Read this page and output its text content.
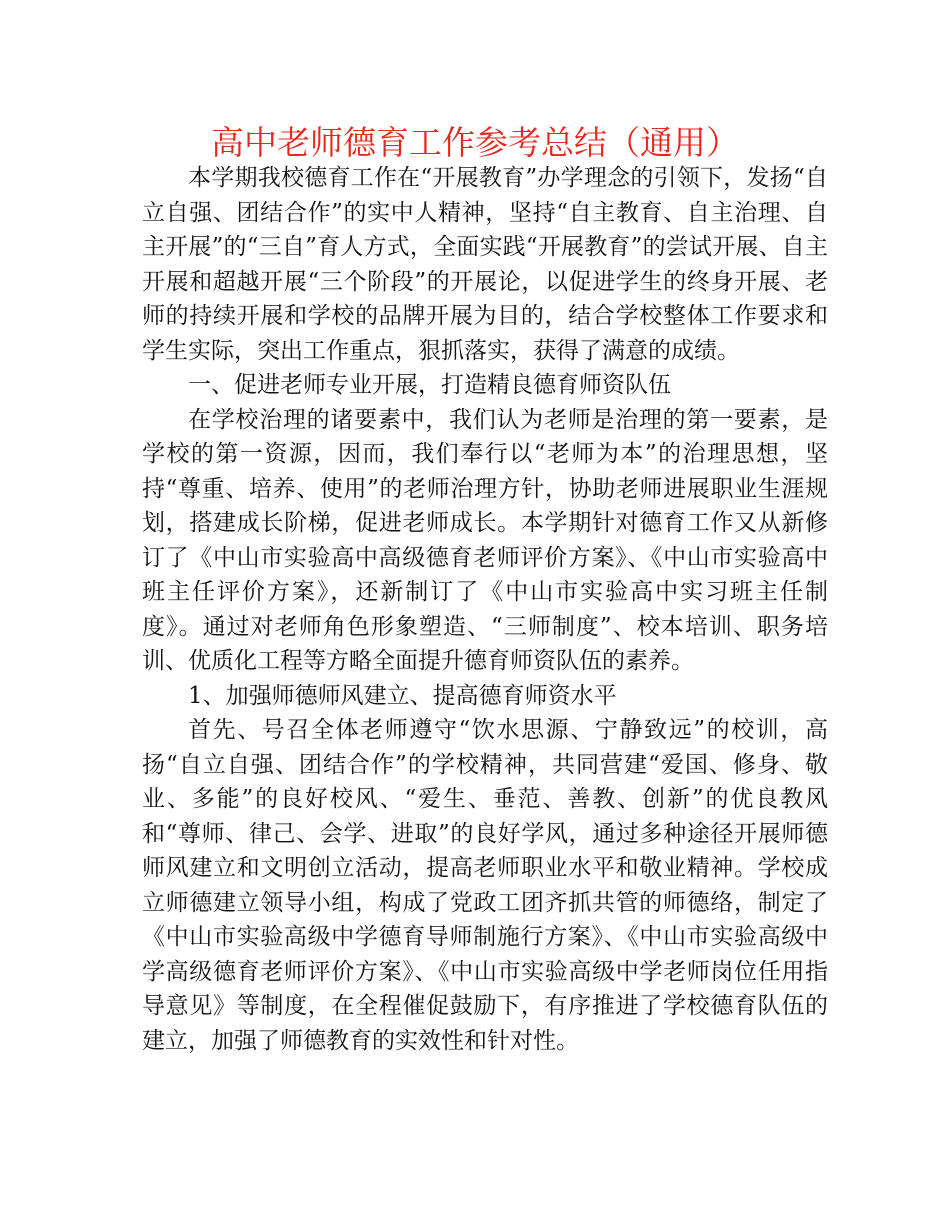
高中老师德育工作参考总结（通用）

本学期我校德育工作在“开展教育”办学理念的引领下，发扬“自立自强、团结合作”的实中人精神，坚持“自主教育、自主治理、自主开展”的“三自”育人方式，全面实践“开展教育”的尝试开展、自主开展和超越开展“三个阶段”的开展论，以促进学生的终身开展、老师的持续开展和学校的品牌开展为目的，结合学校整体工作要求和学生实际，突出工作重点，狠抓落实，获得了满意的成绩。

一、促进老师专业开展，打造精良德育师资队伍

在学校治理的诸要素中，我们认为老师是治理的第一要素，是学校的第一资源，因而，我们奉行以“老师为本”的治理思想，坚持“尊重、培养、使用”的老师治理方针，协助老师进展职业生涯规划，搭建成长阶梯，促进老师成长。本学期针对德育工作又从新修订了《中山市实验高中高级德育老师评价方案》、《中山市实验高中班主任评价方案》，还新制订了《中山市实验高中实习班主任制度》。通过对老师角色形象塑造、“三师制度”、校本培训、职务培训、优质化工程等方略全面提升德育师资队伍的素养。

1、加强师德师风建立、提高德育师资水平

首先、号召全体老师遵守“饮水思源、宁静致远”的校训，高扬“自立自强、团结合作”的学校精神，共同营建“爱国、修身、敬业、多能”的良好校风、“爱生、垂范、善教、创新”的优良教风和“尊师、律己、会学、进取”的良好学风，通过多种途径开展师德师风建立和文明创立活动，提高老师职业水平和敬业精神。学校成立师德建立领导小组，构成了党政工团齐抓共管的师德络，制定了《中山市实验高级中学德育导师制施行方案》、《中山市实验高级中学高级德育老师评价方案》、《中山市实验高级中学老师岗位任用指导意见》等制度，在全程催促鼓励下，有序推进了学校德育队伍的建立，加强了师德教育的实效性和针对性。
